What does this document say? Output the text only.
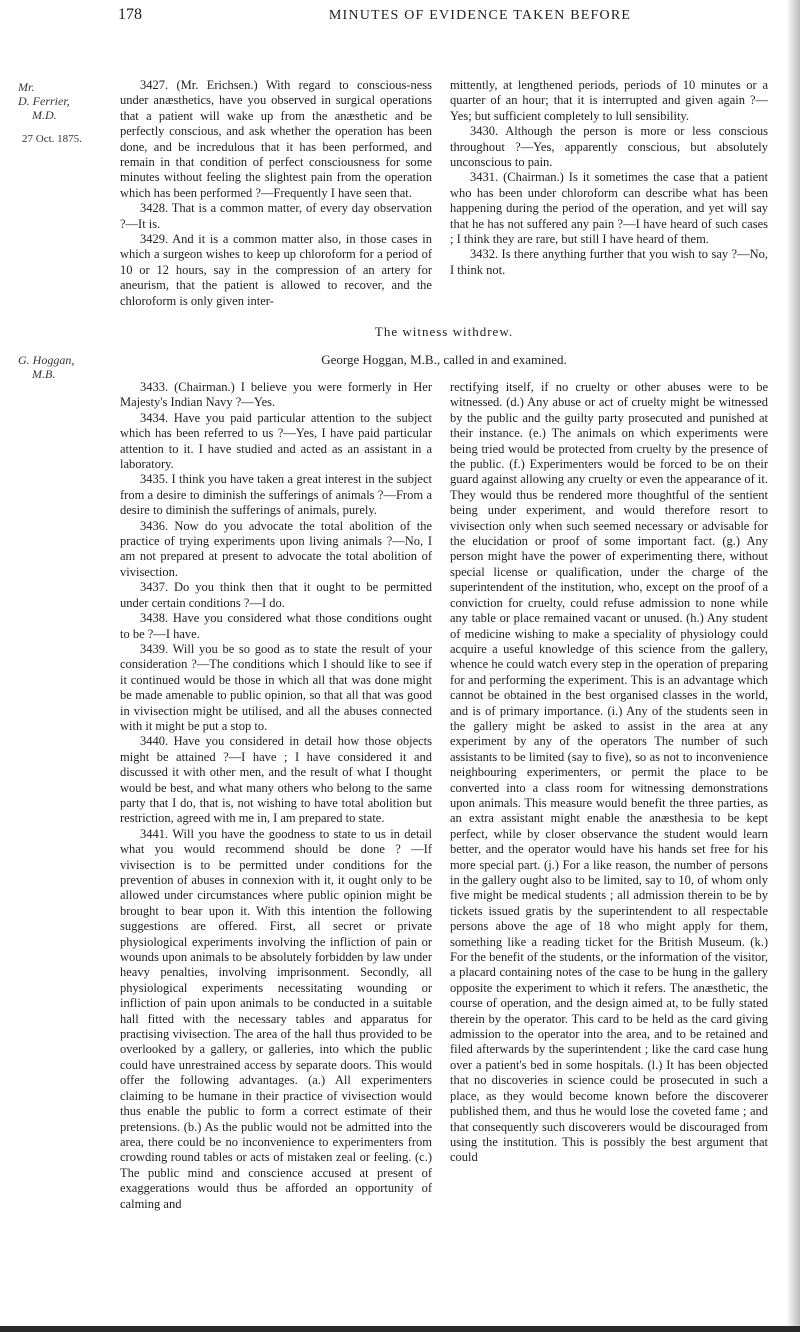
178	MINUTES OF EVIDENCE TAKEN BEFORE
Mr.
D. Ferrier,
M.D.
27 Oct. 1875.

3427. (Mr. Erichsen.) With regard to conscious-ness under anæsthetics, have you observed in surgical operations that a patient will wake up from the anæsthetic and be perfectly conscious, and ask whether the operation has been done, and be incredulous that it has been performed, and remain in that condition of perfect consciousness for some minutes without feeling the slightest pain from the operation which has been performed ?—Frequently I have seen that.

3428. That is a common matter, of every day observation ?—It is.

3429. And it is a common matter also, in those cases in which a surgeon wishes to keep up chloroform for a period of 10 or 12 hours, say in the compression of an artery for aneurism, that the patient is allowed to recover, and the chloroform is only given inter-

mittently, at lengthened periods, periods of 10 minutes or a quarter of an hour; that it is interrupted and given again ?—Yes; but sufficient completely to lull sensibility.

3430. Although the person is more or less conscious throughout ?—Yes, apparently conscious, but absolutely unconscious to pain.

3431. (Chairman.) Is it sometimes the case that a patient who has been under chloroform can describe what has been happening during the period of the operation, and yet will say that he has not suffered any pain ?—I have heard of such cases ; I think they are rare, but still I have heard of them.

3432. Is there anything further that you wish to say ?—No, I think not.

The witness withdrew.
G. Hoggan,
M.B.
George Hoggan, M.B., called in and examined.

3433. (Chairman.) I believe you were formerly in Her Majesty's Indian Navy ?—Yes.

3434. Have you paid particular attention to the subject which has been referred to us ?—Yes, I have paid particular attention to it. I have studied and acted as an assistant in a laboratory.

3435. I think you have taken a great interest in the subject from a desire to diminish the sufferings of animals ?—From a desire to diminish the sufferings of animals, purely.

3436. Now do you advocate the total abolition of the practice of trying experiments upon living animals ?—No, I am not prepared at present to advocate the total abolition of vivisection.

3437. Do you think then that it ought to be permitted under certain conditions ?—I do.

3438. Have you considered what those conditions ought to be ?—I have.

3439. Will you be so good as to state the result of your consideration ?—The conditions which I should like to see if it continued would be those in which all that was done might be made amenable to public opinion, so that all that was good in vivisection might be utilised, and all the abuses connected with it might be put a stop to.

3440. Have you considered in detail how those objects might be attained ?—I have ; I have considered it and discussed it with other men, and the result of what I thought would be best, and what many others who belong to the same party that I do, that is, not wishing to have total abolition but restriction, agreed with me in, I am prepared to state.

3441. Will you have the goodness to state to us in detail what you would recommend should be done ? —If vivisection is to be permitted under conditions for the prevention of abuses in connexion with it, it ought only to be allowed under circumstances where public opinion might be brought to bear upon it. With this intention the following suggestions are offered. First, all secret or private physiological experiments involving the infliction of pain or wounds upon animals to be absolutely forbidden by law under heavy penalties, involving imprisonment. Secondly, all physiological experiments necessitating wounding or infliction of pain upon animals to be conducted in a suitable hall fitted with the necessary tables and apparatus for practising vivisection. The area of the hall thus provided to be overlooked by a gallery, or galleries, into which the public could have unrestrained access by separate doors. This would offer the following advantages. (a.) All experimenters claiming to be humane in their practice of vivisection would thus enable the public to form a correct estimate of their pretensions. (b.) As the public would not be admitted into the area, there could be no inconvenience to experimenters from crowding round tables or acts of mistaken zeal or feeling. (c.) The public mind and conscience accused at present of exaggerations would thus be afforded an opportunity of calming and

rectifying itself, if no cruelty or other abuses were to be witnessed. (d.) Any abuse or act of cruelty might be witnessed by the public and the guilty party prosecuted and punished at their instance. (e.) The animals on which experiments were being tried would be protected from cruelty by the presence of the public. (f.) Experimenters would be forced to be on their guard against allowing any cruelty or even the appearance of it. They would thus be rendered more thoughtful of the sentient being under experiment, and would therefore resort to vivisection only when such seemed necessary or advisable for the elucidation or proof of some important fact. (g.) Any person might have the power of experimenting there, without special license or qualification, under the charge of the superintendent of the institution, who, except on the proof of a conviction for cruelty, could refuse admission to none while any table or place remained vacant or unused. (h.) Any student of medicine wishing to make a speciality of physiology could acquire a useful knowledge of this science from the gallery, whence he could watch every step in the operation of preparing for and performing the experiment. This is an advantage which cannot be obtained in the best organised classes in the world, and is of primary importance. (i.) Any of the students seen in the gallery might be asked to assist in the area at any experiment by any of the operators The number of such assistants to be limited (say to five), so as not to inconvenience neighbouring experimenters, or permit the place to be converted into a class room for witnessing demonstrations upon animals. This measure would benefit the three parties, as an extra assistant might enable the anæsthesia to be kept perfect, while by closer observance the student would learn better, and the operator would have his hands set free for his more special part. (j.) For a like reason, the number of persons in the gallery ought also to be limited, say to 10, of whom only five might be medical students ; all admission therein to be by tickets issued gratis by the superintendent to all respectable persons above the age of 18 who might apply for them, something like a reading ticket for the British Museum. (k.) For the benefit of the students, or the information of the visitor, a placard containing notes of the case to be hung in the gallery opposite the experiment to which it refers. The anæsthetic, the course of operation, and the design aimed at, to be fully stated therein by the operator. This card to be held as the card giving admission to the operator into the area, and to be retained and filed afterwards by the superintendent ; like the card case hung over a patient's bed in some hospitals. (l.) It has been objected that no discoveries in science could be prosecuted in such a place, as they would become known before the discoverer published them, and thus he would lose the coveted fame ; and that consequently such discoverers would be discouraged from using the institution. This is possibly the best argument that could
